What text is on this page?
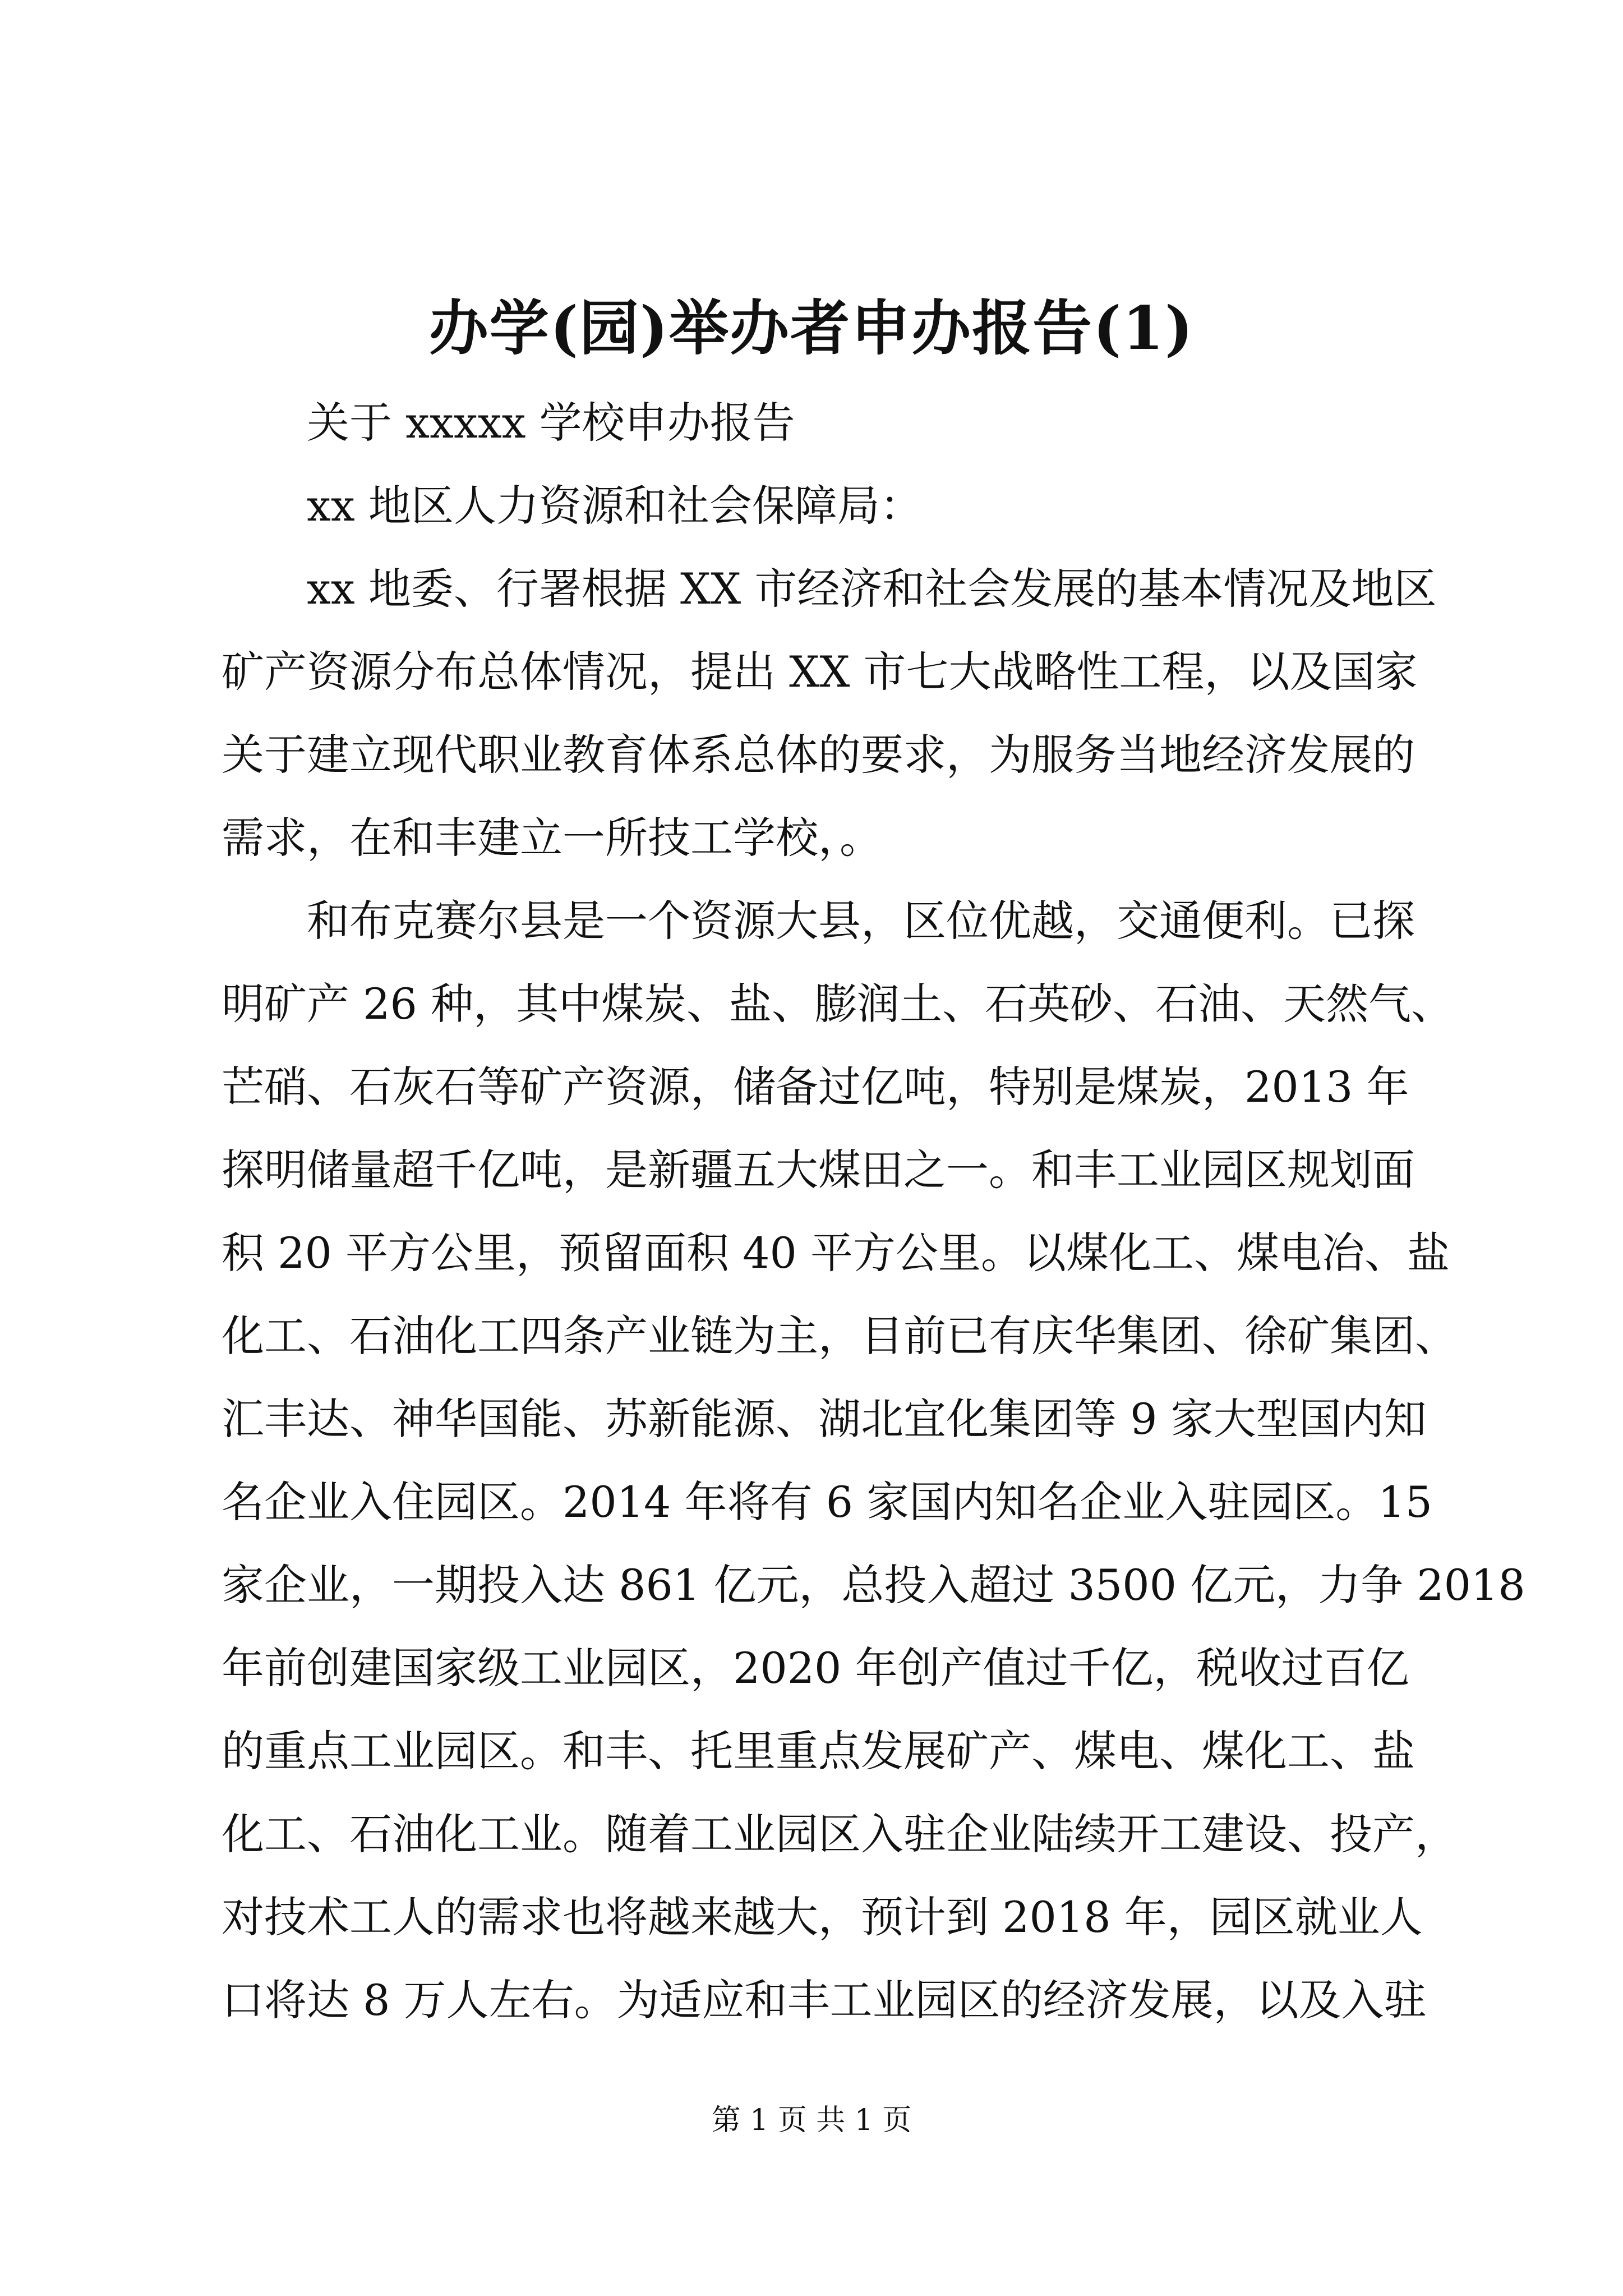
办学(园)举办者申办报告(1)
关于 xxxxx 学校申办报告
xx 地区人力资源和社会保障局：
xx 地委、行署根据 XX 市经济和社会发展的基本情况及地区
矿产资源分布总体情况，提出 XX 市七大战略性工程，以及国家
关于建立现代职业教育体系总体的要求，为服务当地经济发展的
需求，在和丰建立一所技工学校，。
和布克赛尔县是一个资源大县，区位优越，交通便利。已探
明矿产 26 种，其中煤炭、盐、膨润土、石英砂、石油、天然气、
芒硝、石灰石等矿产资源，储备过亿吨，特别是煤炭，2013 年
探明储量超千亿吨，是新疆五大煤田之一。和丰工业园区规划面
积 20 平方公里，预留面积 40 平方公里。以煤化工、煤电冶、盐
化工、石油化工四条产业链为主，目前已有庆华集团、徐矿集团、
汇丰达、神华国能、苏新能源、湖北宜化集团等 9 家大型国内知
名企业入住园区。2014 年将有 6 家国内知名企业入驻园区。15
家企业，一期投入达 861 亿元，总投入超过 3500 亿元，力争 2018
年前创建国家级工业园区，2020 年创产值过千亿，税收过百亿
的重点工业园区。和丰、托里重点发展矿产、煤电、煤化工、盐
化工、石油化工业。随着工业园区入驻企业陆续开工建设、投产，
对技术工人的需求也将越来越大，预计到 2018 年，园区就业人
口将达 8 万人左右。为适应和丰工业园区的经济发展，以及入驻
第 1 页 共 1 页
